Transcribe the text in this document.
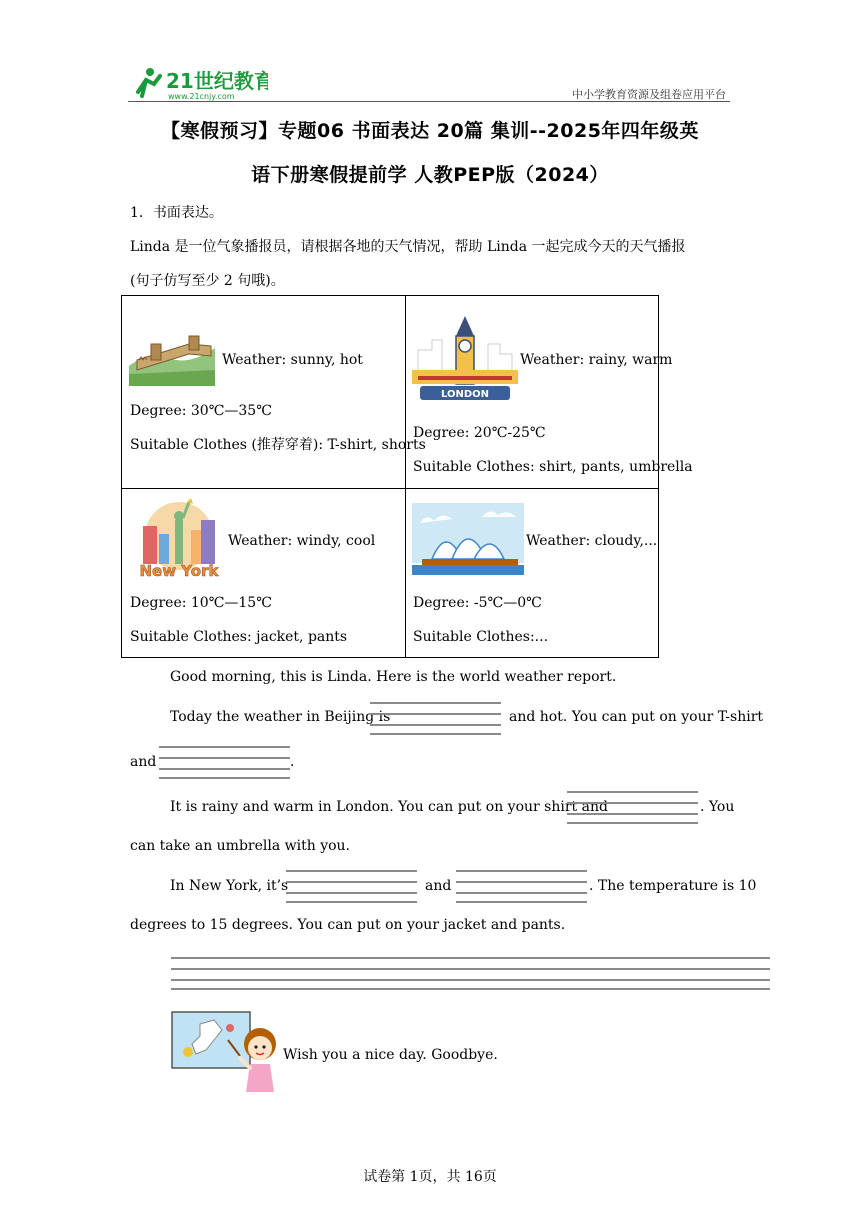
21世纪教育
www.21cnjy.com	中小学教育资源及组卷应用平台
【寒假预习】专题06 书面表达 20篇 集训--2025年四年级英
语下册寒假提前学 人教PEP版（2024）
1．书面表达。
Linda 是一位气象播报员，请根据各地的天气情况，帮助 Linda 一起完成今天的天气播报
(句子仿写至少 2 句哦)。
Weather: sunny, hot
Degree: 30℃—35℃
Suitable Clothes (推荐穿着): T-shirt, shorts
LONDON
Weather: rainy, warm
Degree: 20℃-25℃
Suitable Clothes: shirt, pants, umbrella
New York
Weather: windy, cool
Degree: 10℃—15℃
Suitable Clothes: jacket, pants
Weather: cloudy,...
Degree: -5℃—0℃
Suitable Clothes:...
Good morning, this is Linda. Here is the world weather report.
Today the weather in Beijing is	and hot. You can put on your T-shirt
and	.
It is rainy and warm in London. You can put on your shirt and	. You
can take an umbrella with you.
In New York, it’s	and	. The temperature is 10
degrees to 15 degrees. You can put on your jacket and pants.
Wish you a nice day. Goodbye.
试卷第 1页，共 16页
